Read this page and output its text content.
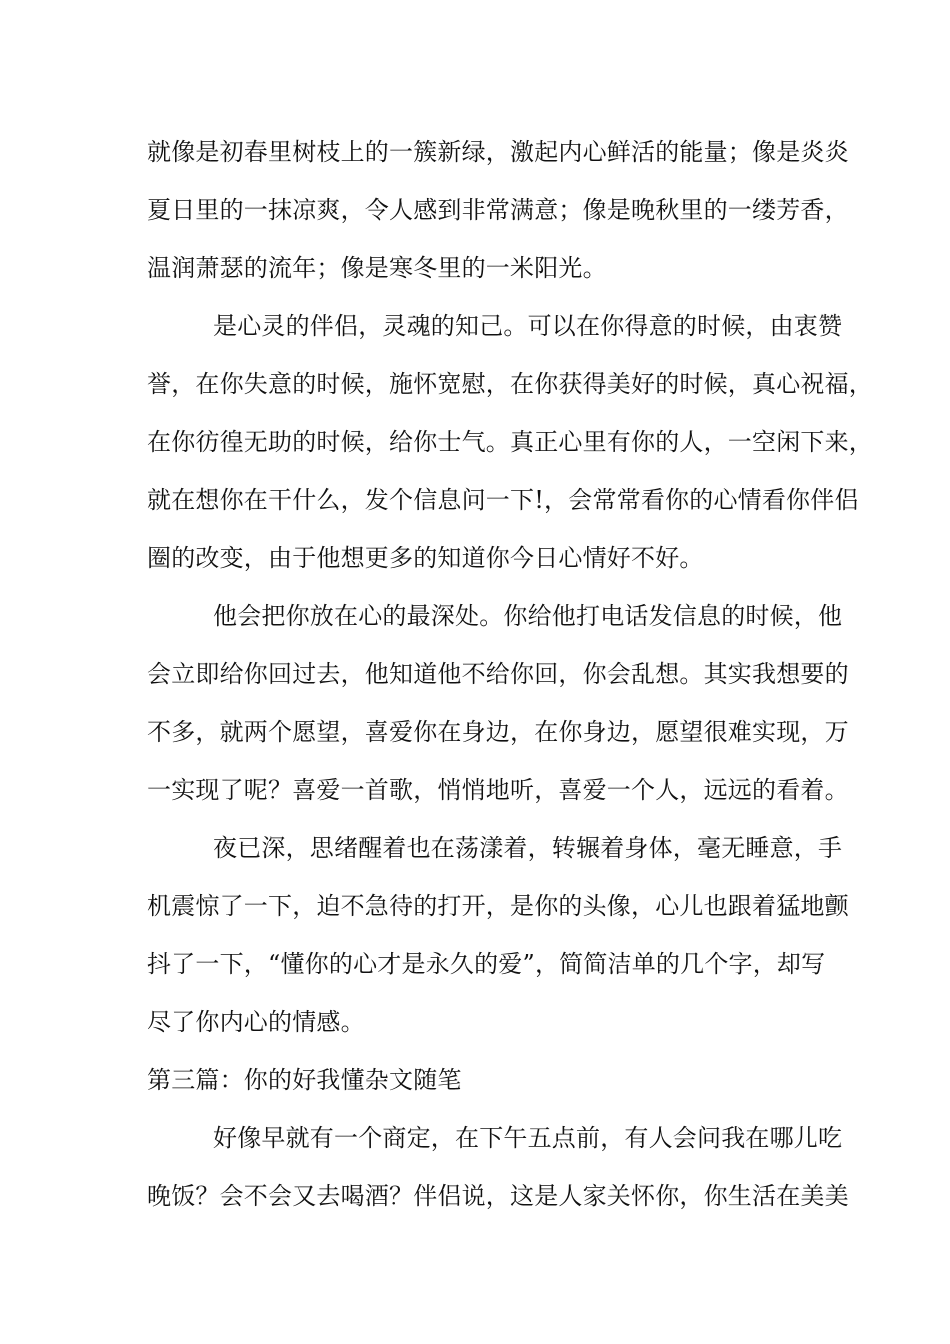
就像是初春里树枝上的一簇新绿，激起内心鲜活的能量；像是炎炎
夏日里的一抹凉爽，令人感到非常满意；像是晚秋里的一缕芳香，
温润萧瑟的流年；像是寒冬里的一米阳光。
是心灵的伴侣，灵魂的知己。可以在你得意的时候，由衷赞
誉，在你失意的时候，施怀宽慰，在你获得美好的时候，真心祝福，
在你彷徨无助的时候，给你士气。真正心里有你的人，一空闲下来，
就在想你在干什么，发个信息问一下!，会常常看你的心情看你伴侣
圈的改变，由于他想更多的知道你今日心情好不好。
他会把你放在心的最深处。你给他打电话发信息的时候，他
会立即给你回过去，他知道他不给你回，你会乱想。其实我想要的
不多，就两个愿望，喜爱你在身边，在你身边，愿望很难实现，万
一实现了呢？喜爱一首歌，悄悄地听，喜爱一个人，远远的看着。
夜已深，思绪醒着也在荡漾着，转辗着身体，毫无睡意，手
机震惊了一下，迫不急待的打开，是你的头像，心儿也跟着猛地颤
抖了一下，“懂你的心才是永久的爱”，简简洁单的几个字，却写
尽了你内心的情感。
第三篇：你的好我懂杂文随笔
好像早就有一个商定，在下午五点前，有人会问我在哪儿吃
晚饭？会不会又去喝酒？伴侣说，这是人家关怀你，你生活在美美
